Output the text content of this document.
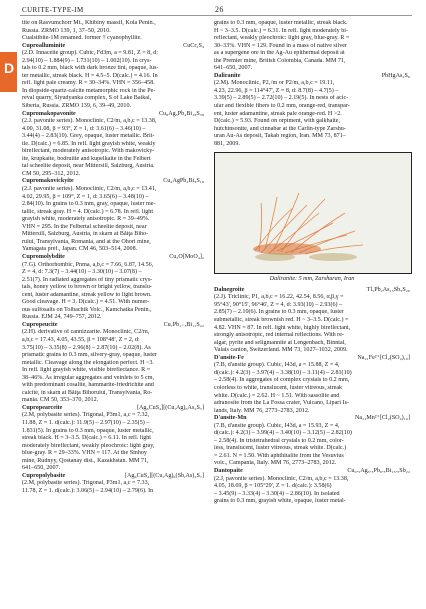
CURITE-TYPE-IM	26
D
tite on Rasvumchorr Mt., Khibiny massif, Kola Penin.,
Russia. ZRMO 139, 1, 37–50, 2010.
Cualstibite-1M renamed. former † cyanophyllite.
Cuproalluminite	CuCr₂S₄
(2.D. Innaceite group). Cubic, Fd3m, a = 9.81, Z = 8, d:
2.94(10) – 1.884(9) – 1.731(10) – 1.002(10). In crys-
tals to 0.2 mm, black with dark bronze tint, opaque, lus-
ter metallic, streak black. H = 4.5–5. D(calc.) = 4.16. In
refl. light pale creamy. R = 30–34%. VHN = 356–458.
In diopside-quartz-calcite metamorphic rock in the Pe-
reval quarry, Slyudyanka complex, S of Lake Baikal,
Siberia, Russia. ZRMO 139, 6, 39–49, 2010.
Cupromakopavonite	Cu₈Ag₃Pb₄Bi₁₉S₃₈
(2.J. pavonite series). Monoclinic, C2/m, a,b,c = 13.38,
4.00, 31.08, β = 93°, Z = 1, d: 3.61(6) – 3.46(10) –
3.44(4) – 2.83(10). Grey, opaque, luster metallic. Brit-
tle. D(calc.) = 6.85. In refl. light grayish white, weakly
bireflectant, moderately anisotropic. With makovicky-
ite, krupkaite, bodruiite and kupelkaite in the Felbert
tal scheelite deposit, near Mittersill, Salzburg, Austria.
CM 50, 295–312, 2012.
Cupromakovickyite	Cu₄AgPb₂Bi₉S₁₈
(2.J. pavonite series). Monoclinic, C2/m, a,b,c = 13.41,
4.02, 29.95, β = 109°, Z = 1, d: 3.65(6) – 3.48(10) –
2.84(10). In grains to 0.3 mm, gray, opaque, luster me-
tallic, streak gray. H = 4. D(calc.) = 6.78. In refl. light
grayish white, moderately anisotropic. R = 39–49%.
VHN = 295. In the Felbertal scheelite deposit, near
Mittersill, Salzburg, Austria, in skarn at Băiţa Biho-
rului, Transylvania, Romania, and at the Ohori mine,
Yamagata pref., Japan. CM 46, 503–514, 2008.
Cupromolybdite	Cu₃O[MoO₄]₂
(7.G). Orthorhombic, Pnma, a,b,c = 7.66, 6.87, 14.56,
Z = 4, d: 7.3(7) – 3.44(10) – 3.30(10) – 3.07(8) –
2.51(7). In radiated aggregates of tiny prismatic crys-
tals, honey yellow to brown or bright yellow, translu-
cent, luster adamantine, streak yellow to light brown.
Good cleavage. H = 3. D(calc.) = 4.51. With numer-
ous sulfosalts on Tolbachik Volc., Kamchatka Penin.,
Russia. EJM 24, 749–757, 2012.
Cupropeucite	Cu₇Pb₁₋ₓBi₁₁S₂₂
(2.H). derivative of cannizzarite. Monoclinic, C2/m,
a,b,c = 17.43, 4.05, 43.55, β = 108°48', Z = 2, d:
3.75(10) – 3.35(8) – 2.96(8) – 2.87(10) – 2.02(8). As
prismatic grains to 0.3 mm, silvery-gray, opaque, luster
metallic. Cleavage along the elongation perfect. H ~3.
In refl. light grayish white, visible bireflectance. R =
38–46%. As irregular aggregates and veinlets to 5 cm,
with predominant cosalite, hammarite-friedrichite and
calcite, in skarn at Băiţa Bihorului, Transylvania, Ro-
mania. CM 50, 353–370, 2012.
Cupropearceite	[Ag₆CuS₄][(Cu,Ag)₆As₂S₇]
(2.M, polybasite series). Trigonal, P3m1, a,c = 7.32,
11.88, Z = 1. d(calc.): 11.9(5) – 2.97(10) – 2.35(5) –
1.831(5). In grains to 0.3 mm, opaque, luster metallic,
streak black. H = 3–3.5. D(calc.) = 6.11. In refl. light
moderately bireflectant, weakly pleochroic: light gray,
blue-gray. R = 29–33%. VHN = 117. At the Sinhoy
mine, Rudnyy, Qostanay dist., Kazakhstan. MM 71,
641–650, 2007.
Cupropolybasite	[Ag₆CuS₄][(Cu,Ag)₆(Sb,As)₂S₇]
(2.M, polybasite series). Trigonal, P3m1, a,c = 7.33,
11.78, Z = 1. d(calc.): 3.06(5) – 2.94(10) – 2.79(6). In
grains to 0.3 mm, opaque, luster metallic, streak black.
H ~ 3–3.5. D(calc.) = 6.31. In refl. light moderately bi-
reflectant, weakly pleochroic: light gray, blue-gray. R =
30–33%. VHN = 129. Found in a mass of native silver
as a supergene ore in the Ag-Au epithermal deposit at
the Premier mine, British Colombia, Canada. MM 71,
641–650, 2007.
Daliranite	PbHgAs₂S₆
(2.M). Monoclinic, P2₁/m or P2/m, a,b,c = 19.11,
4.23, 22.96, β = 114°47', Z = 8, d: 8.7(8) – 4.7(5) –
3.39(5) – 2.89(5) – 2.72(10) – 2.19(5). In nests of acic-
ular and flexible fibers to 0.2 mm, orange-red, transpar-
ent, luster adamantine, streak pale orange-red. H >2.
D(calc.) = 5.93. Found on orpiment, with galkhaite,
hutchinsonite, and cinnabar at the Carlin-type Zarshu-
uran Au-As deposit, Takab region, Iran. MM 73, 871–
881, 2009.
Daliranite: 5 mm, Zarshuran, Iran
Dalnegroite	Tl₅Pb₂As₁₅Sb₅S₂₆
(2.J). Triclinic, P1, a,b,c = 16.22, 42.54, 8.56, α,β,γ =
95°43', 90°15', 96°46', Z = 4, d: 3.93(10) – 2.93(6) –
2.85(7) – 2.10(6). In grains to 0.3 mm, opaque, luster
submetallic, streak brownish red. H ~ 3–3.5. D(calc.) =
4.82. VHN = 87. In refl. light white, highly bireflectant,
strongly anisotropic, red internal reflections. With re-
algar, pyrite and seligmannite at Lengenbach, Binntal,
Valais canton, Switzerland. MM 73, 1027–1032, 2009.
D'ansite-Fe	Na₂₁Fe²⁺[Cl₂(SO₄)₁₀]
(7.B, d'ansite group). Cubic, I43d, a = 15.88, Z = 4,
d(calc.): 4.2(3) – 3.97(4) – 3.38(10) – 3.11(4) – 2.81(10)
– 2.58(4). In aggregates of complex crystals to 0.2 mm,
colorless to white, translucent, luster vitreous, streak
white. D(calc.) = 2.62. H ~ 1.51. With sassolite and
adranosite from the La Fossa crater, Vulcano, Lipari Is-
lands, Italy. MM 76, 2773–2783, 2012.
D'ansite-Mn	Na₂₁Mn²⁺[Cl₂(SO₄)₁₀]
(7.B, d'ansite group). Cubic, I43d, a = 15.93, Z = 4,
d(calc.): 4.2(3) – 3.99(4) – 3.40(10) – 3.12(5) – 2.82(10)
– 2.58(4). In tristetrahedral crystals to 0.2 mm, color-
less, translucent, luster vitreous, streak white. D(calc.)
= 2.61. N = 1.50. With aphthitalite from the Vesuvius
volc., Campania, Italy. MM 76, 2773–2783, 2012.
Dantopaite	Cu₀.₅Ag₅.₅Pb₀.₅Bi₁₃.₅Sb₂₂
(2.J, pavonite series). Monoclinic, C2/m, a,b,c = 13.38,
4.05, 18.69, β = 105°29', Z = 1. d(calc.): 3.58(6)
– 3.45(9) – 3.33(4) – 3.30(4) – 2.86(10). In isolated
grains to 0.3 mm, grayish white, opaque, luster metal-
